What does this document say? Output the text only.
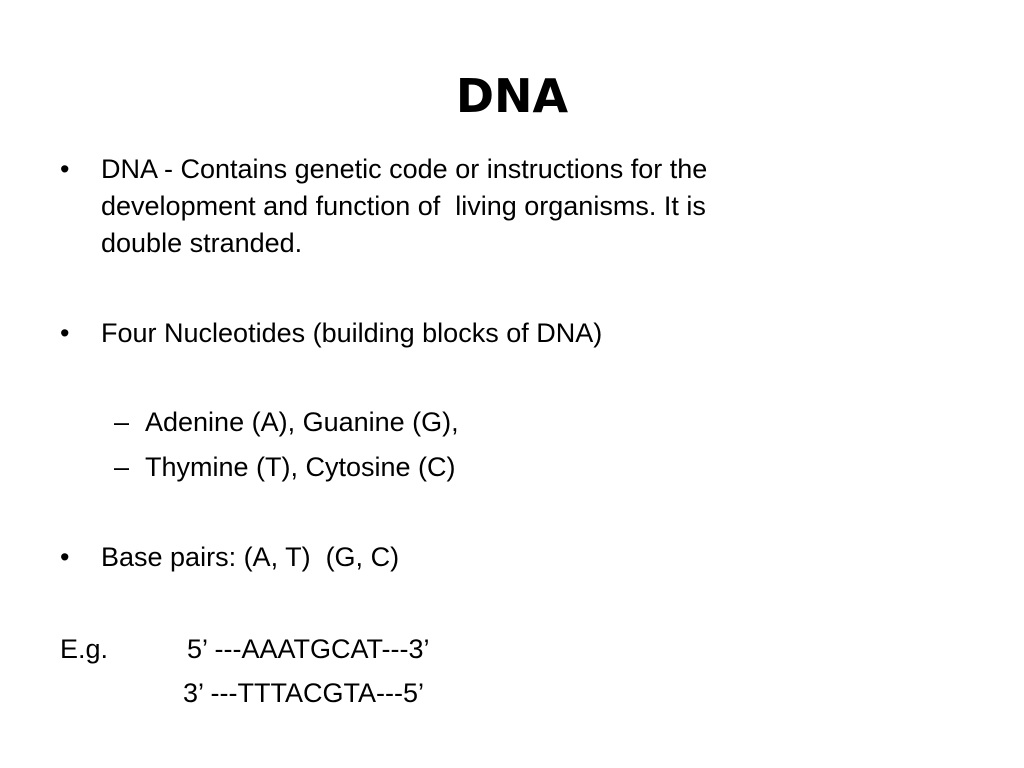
DNA
• DNA - Contains genetic code or instructions for the
development and function of  living organisms. It is
double stranded.
• Four Nucleotides (building blocks of DNA)
– Adenine (A), Guanine (G),
– Thymine (T), Cytosine (C)
• Base pairs: (A, T)  (G, C)
E.g.	5’ ---AAATGCAT---3’
3’ ---TTTACGTA---5’
